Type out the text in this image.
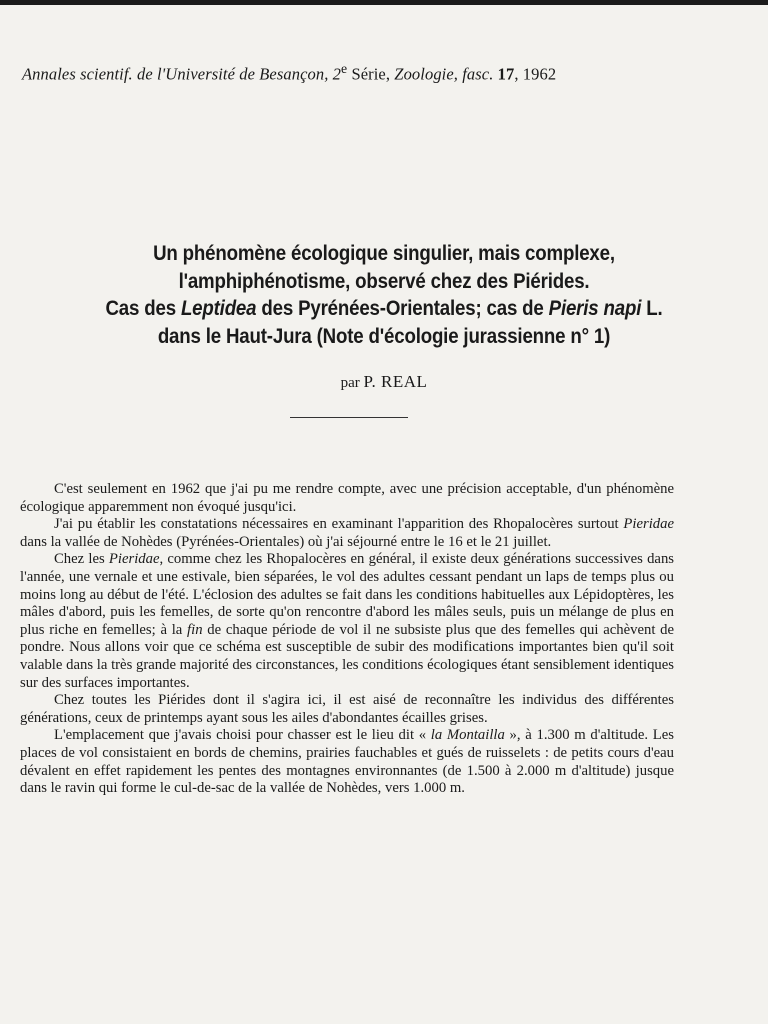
Annales scientif. de l'Université de Besançon, 2e Série, Zoologie, fasc. 17, 1962
Un phénomène écologique singulier, mais complexe,
l'amphiphénotisme, observé chez des Piérides.
Cas des Leptidea des Pyrénées-Orientales; cas de Pieris napi L.
dans le Haut-Jura (Note d'écologie jurassienne n° 1)
par P. REAL

C'est seulement en 1962 que j'ai pu me rendre compte, avec une précision acceptable, d'un phénomène écologique apparemment non évoqué jusqu'ici.

J'ai pu établir les constatations nécessaires en examinant l'apparition des Rhopalocères surtout Pieridae dans la vallée de Nohèdes (Pyrénées-Orientales) où j'ai séjourné entre le 16 et le 21 juillet.

Chez les Pieridae, comme chez les Rhopalocères en général, il existe deux générations successives dans l'année, une vernale et une estivale, bien séparées, le vol des adultes cessant pendant un laps de temps plus ou moins long au début de l'été. L'éclosion des adultes se fait dans les conditions habituelles aux Lépidoptères, les mâles d'abord, puis les femelles, de sorte qu'on rencontre d'abord les mâles seuls, puis un mélange de plus en plus riche en femelles; à la fin de chaque période de vol il ne subsiste plus que des femelles qui achèvent de pondre. Nous allons voir que ce schéma est susceptible de subir des modifications importantes bien qu'il soit valable dans la très grande majorité des circonstances, les conditions écologiques étant sensiblement identiques sur des surfaces importantes.

Chez toutes les Piérides dont il s'agira ici, il est aisé de reconnaître les individus des différentes générations, ceux de printemps ayant sous les ailes d'abondantes écailles grises.

L'emplacement que j'avais choisi pour chasser est le lieu dit « la Montailla », à 1.300 m d'altitude. Les places de vol consistaient en bords de chemins, prairies fauchables et gués de ruisselets : de petits cours d'eau dévalent en effet rapidement les pentes des montagnes environnantes (de 1.500 à 2.000 m d'altitude) jusque dans le ravin qui forme le cul-de-sac de la vallée de Nohèdes, vers 1.000 m.
